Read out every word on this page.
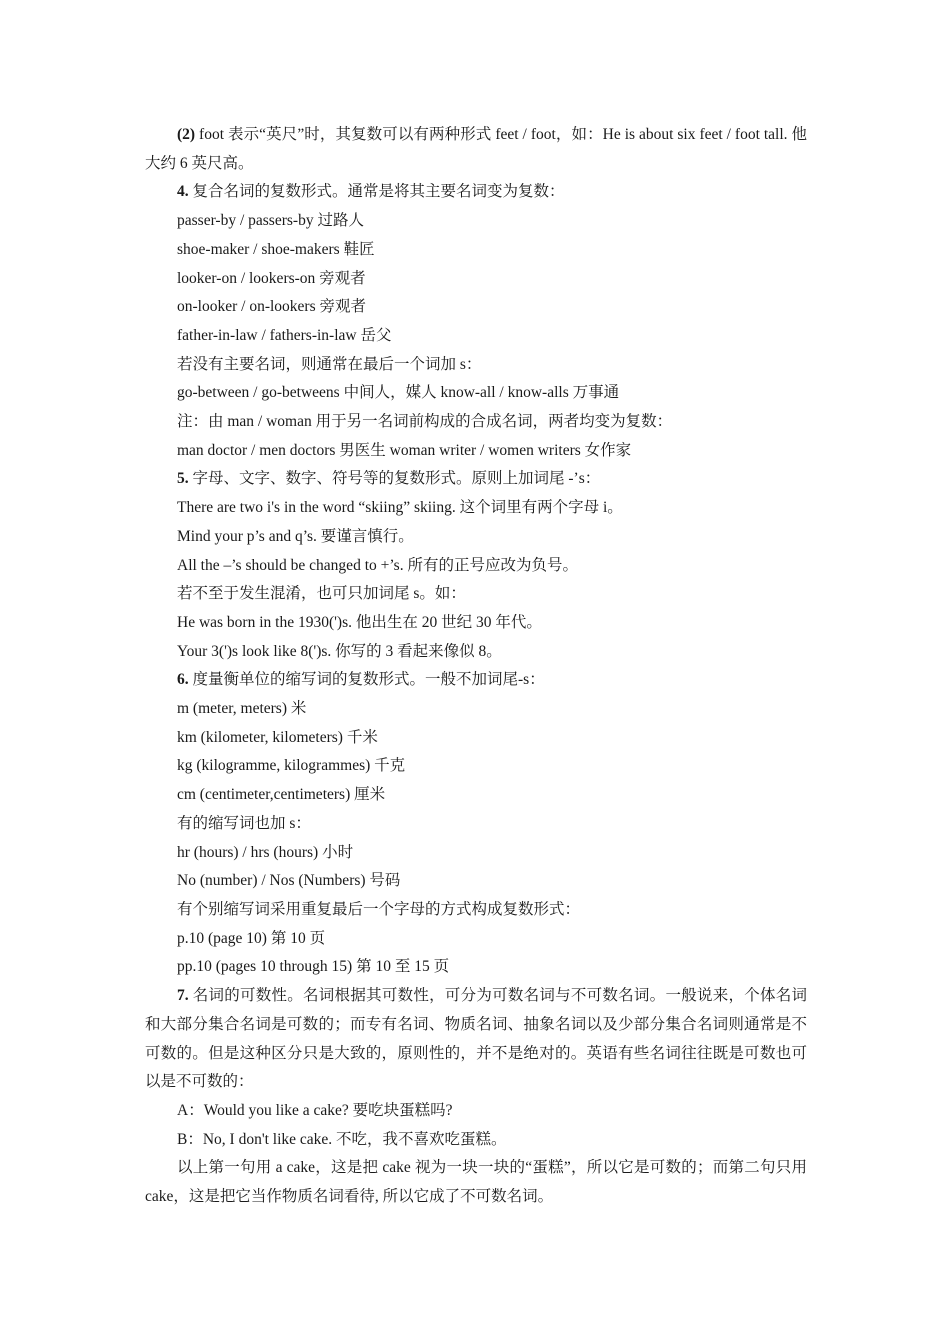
(2) foot 表示“英尺”时，其复数可以有两种形式 feet / foot，如：He is about six feet / foot tall. 他大约 6 英尺高。
4. 复合名词的复数形式。通常是将其主要名词变为复数：
passer-by / passers-by 过路人
shoe-maker / shoe-makers 鞋匠
looker-on / lookers-on 旁观者
on-looker / on-lookers 旁观者
father-in-law / fathers-in-law 岳父
若没有主要名词，则通常在最后一个词加 s：
go-between / go-betweens 中间人，媒人 know-all / know-alls 万事通
注：由 man / woman 用于另一名词前构成的合成名词，两者均变为复数：
man doctor / men doctors 男医生 woman writer / women writers 女作家
5. 字母、文字、数字、符号等的复数形式。原则上加词尾 -’s：
There are two i's in the word “skiing” skiing. 这个词里有两个字母 i。
Mind your p’s and q’s. 要谨言慎行。
All the –’s should be changed to +’s. 所有的正号应改为负号。
若不至于发生混淆，也可只加词尾 s。如：
He was born in the 1930(')s. 他出生在 20 世纪 30 年代。
Your 3(')s look like 8(')s. 你写的 3 看起来像似 8。
6. 度量衡单位的缩写词的复数形式。一般不加词尾-s：
m (meter, meters) 米
km (kilometer, kilometers) 千米
kg (kilogramme, kilogrammes) 千克
cm (centimeter,centimeters) 厘米
有的缩写词也加 s：
hr (hours) / hrs (hours) 小时
No (number) / Nos (Numbers) 号码
有个别缩写词采用重复最后一个字母的方式构成复数形式：
p.10 (page 10) 第 10 页
pp.10 (pages 10 through 15) 第 10 至 15 页
7. 名词的可数性。名词根据其可数性，可分为可数名词与不可数名词。一般说来，个体名词和大部分集合名词是可数的；而专有名词、物质名词、抽象名词以及少部分集合名词则通常是不可数的。但是这种区分只是大致的，原则性的，并不是绝对的。英语有些名词往往既是可数也可以是不可数的：
A：Would you like a cake? 要吃块蛋糕吗?
B：No, I don't like cake. 不吃，我不喜欢吃蛋糕。
以上第一句用 a cake，这是把 cake 视为一块一块的“蛋糕”，所以它是可数的；而第二句只用 cake，这是把它当作物质名词看待, 所以它成了不可数名词。
